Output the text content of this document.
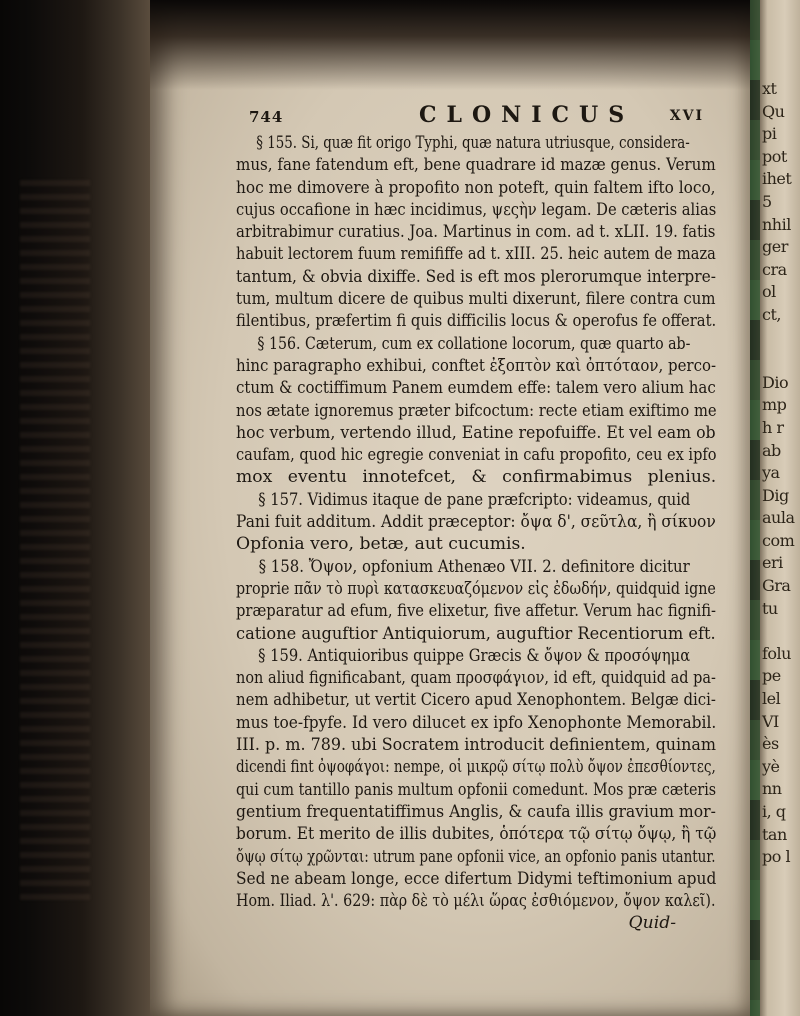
744	CLONICUS	XVI
§ 155. Si, quæ fit origo Typhi, quæ natura utriusque, considera-
mus, fane fatendum eft, bene quadrare id mazæ genus. Verum
hoc me dimovere à propofito non poteft, quin faltem ifto loco,
cujus occafione in hæc incidimus, ψεςὴν legam. De cæteris alias
arbitrabimur curatius. Joa. Martinus in com. ad t. xLII. 19. fatis
habuit lectorem fuum remififfe ad t. xIII. 25. heic autem de maza
tantum, & obvia dixiffe. Sed is eft mos plerorumque interpre-
tum, multum dicere de quibus multi dixerunt, filere contra cum
filentibus, præfertim fi quis difficilis locus & operofus fe offerat.
§ 156. Cæterum, cum ex collatione locorum, quæ quarto ab-
hinc paragrapho exhibui, conftet ἐξοπτὸν καὶ ὀπτόταον, perco-
ctum & coctiffimum Panem eumdem effe: talem vero alium hac
nos ætate ignoremus præter bifcoctum: recte etiam exiftimo me
hoc verbum, vertendo illud, Eatine repofuiffe. Et vel eam ob
caufam, quod hic egregie conveniat in cafu propofito, ceu ex ipfo
mox eventu innotefcet, & confirmabimus plenius.
§ 157. Vidimus itaque de pane præfcripto: videamus, quid
Pani fuit additum. Addit præceptor: ὄψα δ', σεῦτλα, ἢ σίκυον
Opfonia vero, betæ, aut cucumis.
§ 158. Ὄψον, opfonium Athenæo VII. 2. definitore dicitur
proprie πᾶν τὸ πυρὶ κατασκευαζόμενον εἰς ἐδωδήν, quidquid igne
præparatur ad efum, five elixetur, five affetur. Verum hac fignifi-
catione auguftior Antiquiorum, auguftior Recentiorum eft.
§ 159. Antiquioribus quippe Græcis & ὄψον & προσόψημα
non aliud fignificabant, quam προσφάγιον, id eft, quidquid ad pa-
nem adhibetur, ut vertit Cicero apud Xenophontem. Belgæ dici-
mus toe-fpyfe. Id vero dilucet ex ipfo Xenophonte Memorabil.
III. p. m. 789. ubi Socratem introducit definientem, quinam
dicendi fint ὀψοφάγοι: nempe, οἱ μικρῷ σίτῳ πολὺ ὄψον ἐπεσθίοντες,
qui cum tantillo panis multum opfonii comedunt. Mos præ cæteris
gentium frequentatiffimus Anglis, & caufa illis gravium mor-
borum. Et merito de illis dubites, ὁπότερα τῷ σίτῳ ὄψῳ, ἢ τῷ
ὄψῳ σίτῳ χρῶνται: utrum pane opfonii vice, an opfonio panis utantur.
Sed ne abeam longe, ecce difertum Didymi teftimonium apud
Hom. Iliad. λ'. 629: πὰρ δὲ τὸ μέλι ὥρας ἐσθιόμενον, ὄψον καλεῖ).
Quid-
xt
Qu
pi
pot
ihet
5
nhil
ger
cra
ol
ct,

Dio
mp
h r
ab
ya
Dig
aula
com
eri
Gra
tu

folu
pe
lel
VI
ès
yè
nn
i, q
tan
po l
